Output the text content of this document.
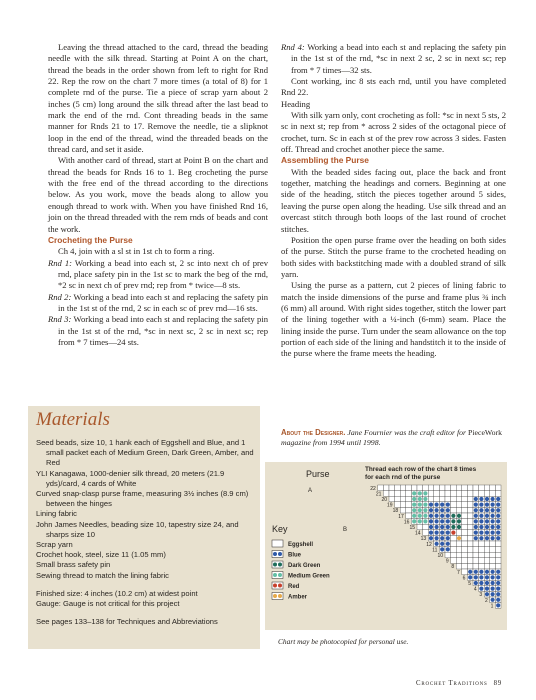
Leaving the thread attached to the card, thread the beading needle with the silk thread. Starting at Point A on the chart, thread the beads in the order shown from left to right for Rnd 22. Rep the row on the chart 7 more times (a total of 8) for 1 complete rnd of the purse. Tie a piece of scrap yarn about 2 inches (5 cm) long around the silk thread after the last bead to mark the end of the rnd. Cont threading beads in the same manner for Rnds 21 to 17. Remove the needle, tie a slipknot loop in the end of the thread, wind the threaded beads on the thread card, and set it aside.

With another card of thread, start at Point B on the chart and thread the beads for Rnds 16 to 1. Beg crocheting the purse with the free end of the thread according to the directions below. As you work, move the beads along to allow you enough thread to work with. When you have finished Rnd 16, join on the thread threaded with the rem rnds of beads and cont the work.

Crocheting the Purse

Ch 4, join with a sl st in 1st ch to form a ring.

Rnd 1: Working a bead into each st, 2 sc into next ch of prev rnd, place safety pin in the 1st sc to mark the beg of the rnd, *2 sc in next ch of prev rnd; rep from * twice—8 sts.

Rnd 2: Working a bead into each st and replacing the safety pin in the 1st st of the rnd, 2 sc in each sc of prev rnd—16 sts.

Rnd 3: Working a bead into each st and replacing the safety pin in the 1st st of the rnd, *sc in next sc, 2 sc in next sc; rep from * 7 times—24 sts.

Rnd 4: Working a bead into each st and replacing the safety pin in the 1st st of the rnd, *sc in next 2 sc, 2 sc in next sc; rep from * 7 times—32 sts.

Cont working, inc 8 sts each rnd, until you have completed Rnd 22.

Heading

With silk yarn only, cont crocheting as foll: *sc in next 5 sts, 2 sc in next st; rep from * across 2 sides of the octagonal piece of crochet, turn. Sc in each st of the prev row across 3 sides. Fasten off. Thread and crochet another piece the same.

Assembling the Purse

With the beaded sides facing out, place the back and front together, matching the headings and corners. Beginning at one side of the heading, stitch the pieces together around 5 sides, leaving the purse open along the heading. Use silk thread and an overcast stitch through both loops of the last round of crochet stitches.

Position the open purse frame over the heading on both sides of the purse. Stitch the purse frame to the crocheted heading on both sides with backstitching made with a doubled strand of silk yarn.

Using the purse as a pattern, cut 2 pieces of lining fabric to match the inside dimensions of the purse and frame plus ¾ inch (6 mm) all around. With right sides together, stitch the lower part of the lining together with a ¼-inch (6-mm) seam. Place the lining inside the purse. Turn under the seam allowance on the top portion of each side of the lining and handstitch it to the inside of the purse where the frame meets the heading.

Materials

Seed beads, size 10, 1 hank each of Eggshell and Blue, and 1 small packet each of Medium Green, Dark Green, Amber, and Red

YLI Kanagawa, 1000-denier silk thread, 20 meters (21.9 yds)/card, 4 cards of White

Curved snap-clasp purse frame, measuring 3½ inches (8.9 cm) between the hinges

Lining fabric

John James Needles, beading size 10, tapestry size 24, and sharps size 10

Scrap yarn

Crochet hook, steel, size 11 (1.05 mm)

Small brass safety pin

Sewing thread to match the lining fabric

Finished size: 4 inches (10.2 cm) at widest point

Gauge: Gauge is not critical for this project

See pages 133–138 for Techniques and Abbreviations

About the Designer. Jane Fournier was the craft editor for PieceWork magazine from 1994 until 1998.
Purse	Thread each row of the chart 8 times
for each rnd of the purse
Key
Eggshell
Blue
Dark Green
Medium Green
Red
Amber
22
21
20
19
18
17
16
15
14
13
12
11
10
9
8
7
6
5
4
3
2
1
A
B
Chart may be photocopied for personal use.
Crochet Traditions 89
